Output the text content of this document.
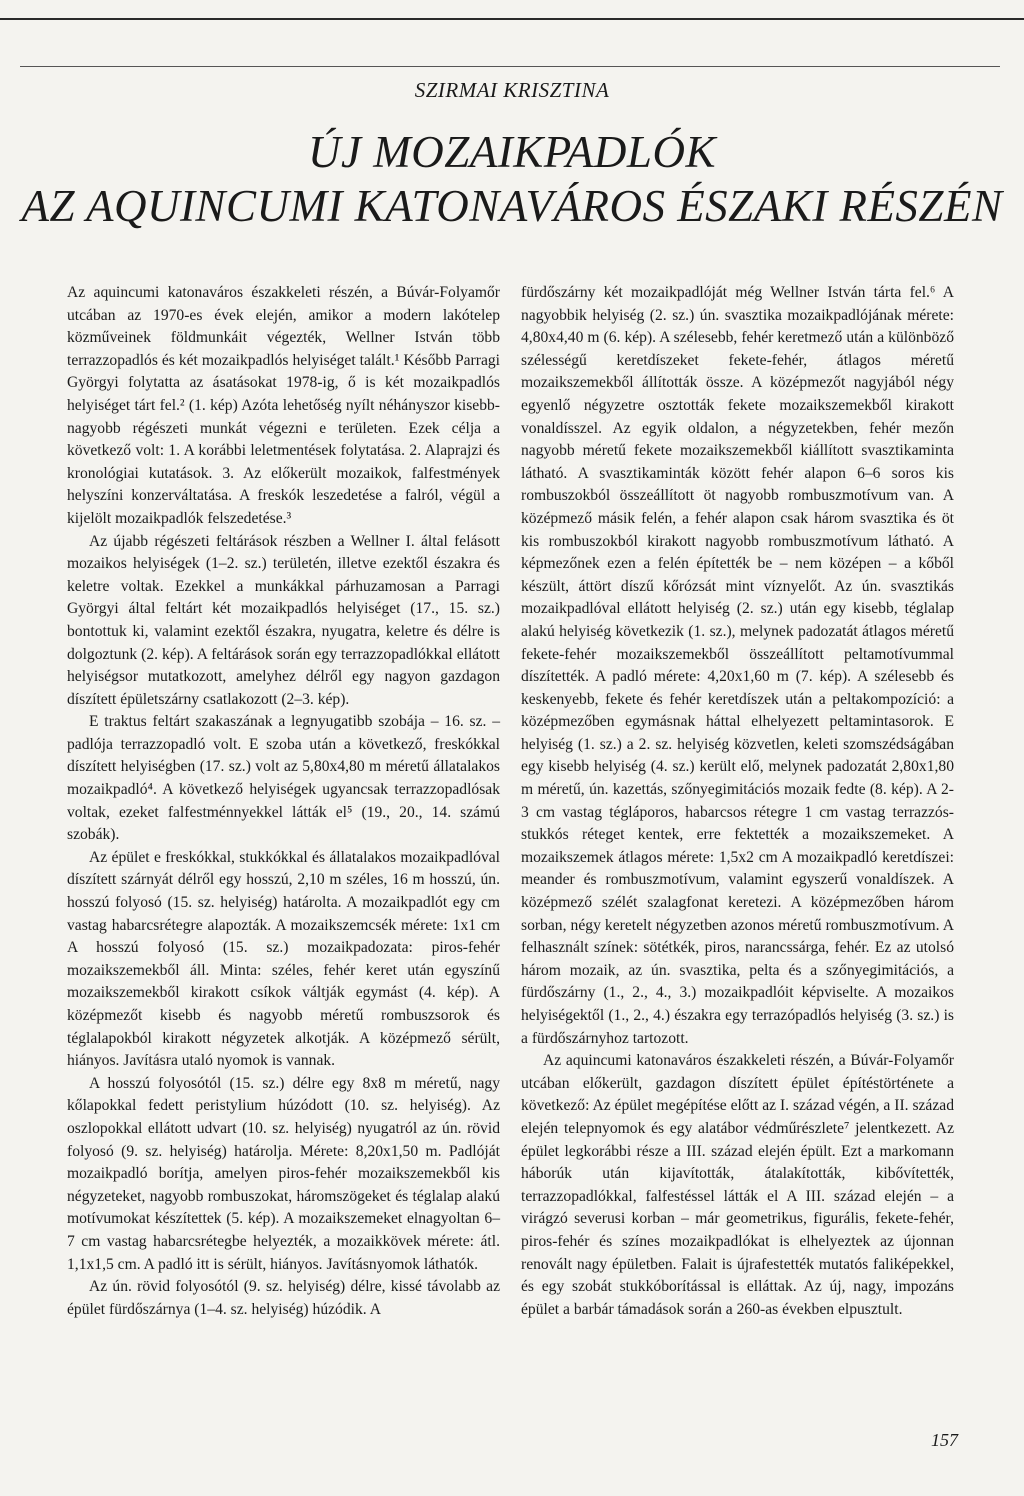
SZIRMAI KRISZTINA
ÚJ MOZAIKPADLÓK
AZ AQUINCUMI KATONAVÁROS ÉSZAKI RÉSZÉN

Az aquincumi katonaváros északkeleti részén, a Búvár-Folyamőr utcában az 1970-es évek elején, amikor a modern lakótelep közműveinek földmunkáit végezték, Wellner István több terrazzopadlós és két mozaikpadlós helyiséget talált.¹ Később Parragi Györgyi folytatta az ásatásokat 1978-ig, ő is két mozaikpadlós helyiséget tárt fel.² (1. kép) Azóta lehetőség nyílt néhányszor kisebb-nagyobb régészeti munkát végezni e területen. Ezek célja a következő volt: 1. A korábbi leletmentések folytatása. 2. Alaprajzi és kronológiai kutatások. 3. Az előkerült mozaikok, falfestmények helyszíni konzerváltatása. A freskók leszedetése a falról, végül a kijelölt mozaikpadlók felszedetése.³

Az újabb régészeti feltárások részben a Wellner I. által felásott mozaikos helyiségek (1–2. sz.) területén, illetve ezektől északra és keletre voltak. Ezekkel a munkákkal párhuzamosan a Parragi Györgyi által feltárt két mozaikpadlós helyiséget (17., 15. sz.) bontottuk ki, valamint ezektől északra, nyugatra, keletre és délre is dolgoztunk (2. kép). A feltárások során egy terrazzopadlókkal ellátott helyiségsor mutatkozott, amelyhez délről egy nagyon gazdagon díszített épületszárny csatlakozott (2–3. kép).

E traktus feltárt szakaszának a legnyugatibb szobája – 16. sz. – padlója terrazzopadló volt. E szoba után a következő, freskókkal díszített helyiségben (17. sz.) volt az 5,80x4,80 m méretű állatalakos mozaikpadló⁴. A következő helyiségek ugyancsak terrazzopadlósak voltak, ezeket falfestménnyekkel látták el⁵ (19., 20., 14. számú szobák).

Az épület e freskókkal, stukkókkal és állatalakos mozaikpadlóval díszített szárnyát délről egy hosszú, 2,10 m széles, 16 m hosszú, ún. hosszú folyosó (15. sz. helyiség) határolta. A mozaikpadlót egy cm vastag habarcsrétegre alapozták. A mozaikszemcsék mérete: 1x1 cm A hosszú folyosó (15. sz.) mozaikpadozata: piros-fehér mozaikszemekből áll. Minta: széles, fehér keret után egyszínű mozaikszemekből kirakott csíkok váltják egymást (4. kép). A középmezőt kisebb és nagyobb méretű rombuszsorok és téglalapokból kirakott négyzetek alkotják. A középmező sérült, hiányos. Javításra utaló nyomok is vannak.

A hosszú folyosótól (15. sz.) délre egy 8x8 m méretű, nagy kőlapokkal fedett peristylium húzódott (10. sz. helyiség). Az oszlopokkal ellátott udvart (10. sz. helyiség) nyugatról az ún. rövid folyosó (9. sz. helyiség) határolja. Mérete: 8,20x1,50 m. Padlóját mozaikpadló borítja, amelyen piros-fehér mozaikszemekből kis négyzeteket, nagyobb rombuszokat, háromszögeket és téglalap alakú motívumokat készítettek (5. kép). A mozaikszemeket elnagyoltan 6–7 cm vastag habarcsrétegbe helyezték, a mozaikkövek mérete: átl. 1,1x1,5 cm. A padló itt is sérült, hiányos. Javításnyomok láthatók.

Az ún. rövid folyosótól (9. sz. helyiség) délre, kissé távolabb az épület fürdőszárnya (1–4. sz. helyiség) húzódik. A

fürdőszárny két mozaikpadlóját még Wellner István tárta fel.⁶ A nagyobbik helyiség (2. sz.) ún. svasztika mozaikpadlójának mérete: 4,80x4,40 m (6. kép). A szélesebb, fehér keretmező után a különböző szélességű keretdíszeket fekete-fehér, átlagos méretű mozaikszemekből állították össze. A középmezőt nagyjából négy egyenlő négyzetre osztották fekete mozaikszemekből kirakott vonaldísszel. Az egyik oldalon, a négyzetekben, fehér mezőn nagyobb méretű fekete mozaikszemekből kiállított svasztikaminta látható. A svasztikaminták között fehér alapon 6–6 soros kis rombuszokból összeállított öt nagyobb rombuszmotívum van. A középmező másik felén, a fehér alapon csak három svasztika és öt kis rombuszokból kirakott nagyobb rombuszmotívum látható. A képmezőnek ezen a felén építették be – nem középen – a kőből készült, áttört díszű kőrózsát mint víznyelőt. Az ún. svasztikás mozaikpadlóval ellátott helyiség (2. sz.) után egy kisebb, téglalap alakú helyiség következik (1. sz.), melynek padozatát átlagos méretű fekete-fehér mozaikszemekből összeállított peltamotívummal díszítették. A padló mérete: 4,20x1,60 m (7. kép). A szélesebb és keskenyebb, fekete és fehér keretdíszek után a peltakompozíció: a középmezőben egymásnak háttal elhelyezett peltamintasorok. E helyiség (1. sz.) a 2. sz. helyiség közvetlen, keleti szomszédságában egy kisebb helyiség (4. sz.) került elő, melynek padozatát 2,80x1,80 m méretű, ún. kazettás, szőnyegimitációs mozaik fedte (8. kép). A 2-3 cm vastag tégláporos, habarcsos rétegre 1 cm vastag terrazzós-stukkós réteget kentek, erre fektették a mozaikszemeket. A mozaikszemek átlagos mérete: 1,5x2 cm A mozaikpadló keretdíszei: meander és rombuszmotívum, valamint egyszerű vonaldíszek. A középmező szélét szalagfonat keretezi. A középmezőben három sorban, négy keretelt négyzetben azonos méretű rombuszmotívum. A felhasznált színek: sötétkék, piros, narancssárga, fehér. Ez az utolsó három mozaik, az ún. svasztika, pelta és a szőnyegimitációs, a fürdőszárny (1., 2., 4., 3.) mozaikpadlóit képviselte. A mozaikos helyiségektől (1., 2., 4.) északra egy terrazópadlós helyiség (3. sz.) is a fürdőszárnyhoz tartozott.

Az aquincumi katonaváros északkeleti részén, a Búvár-Folyamőr utcában előkerült, gazdagon díszített épület építéstörténete a következő: Az épület megépítése előtt az I. század végén, a II. század elején telepnyomok és egy alatábor védműrészlete⁷ jelentkezett. Az épület legkorábbi része a III. század elején épült. Ezt a markomann háborúk után kijavították, átalakították, kibővítették, terrazzopadlókkal, falfestéssel látták el A III. század elején – a virágzó severusi korban – már geometrikus, figurális, fekete-fehér, piros-fehér és színes mozaikpadlókat is elhelyeztek az újonnan renovált nagy épületben. Falait is újrafestették mutatós faliképekkel, és egy szobát stukkóborítással is elláttak. Az új, nagy, impozáns épület a barbár támadások során a 260-as években elpusztult.

157
